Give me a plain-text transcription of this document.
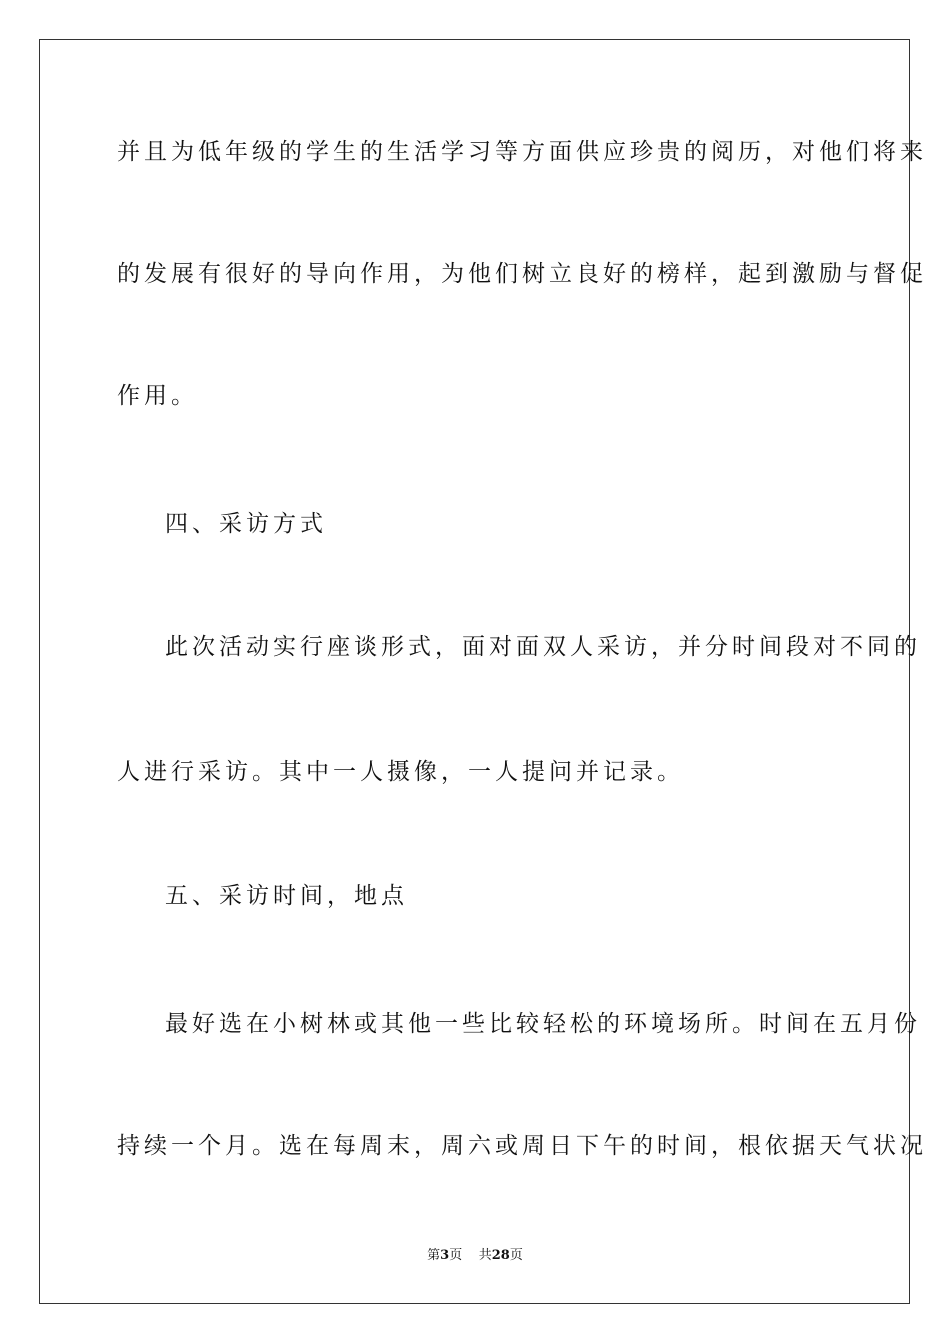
并且为低年级的学生的生活学习等方面供应珍贵的阅历，对他们将来
的发展有很好的导向作用，为他们树立良好的榜样，起到激励与督促
作用。
四、采访方式
此次活动实行座谈形式，面对面双人采访，并分时间段对不同的
人进行采访。其中一人摄像，一人提问并记录。
五、采访时间，地点
最好选在小树林或其他一些比较轻松的环境场所。时间在五月份
持续一个月。选在每周末，周六或周日下午的时间，根依据天气状况
第3页 共28页
